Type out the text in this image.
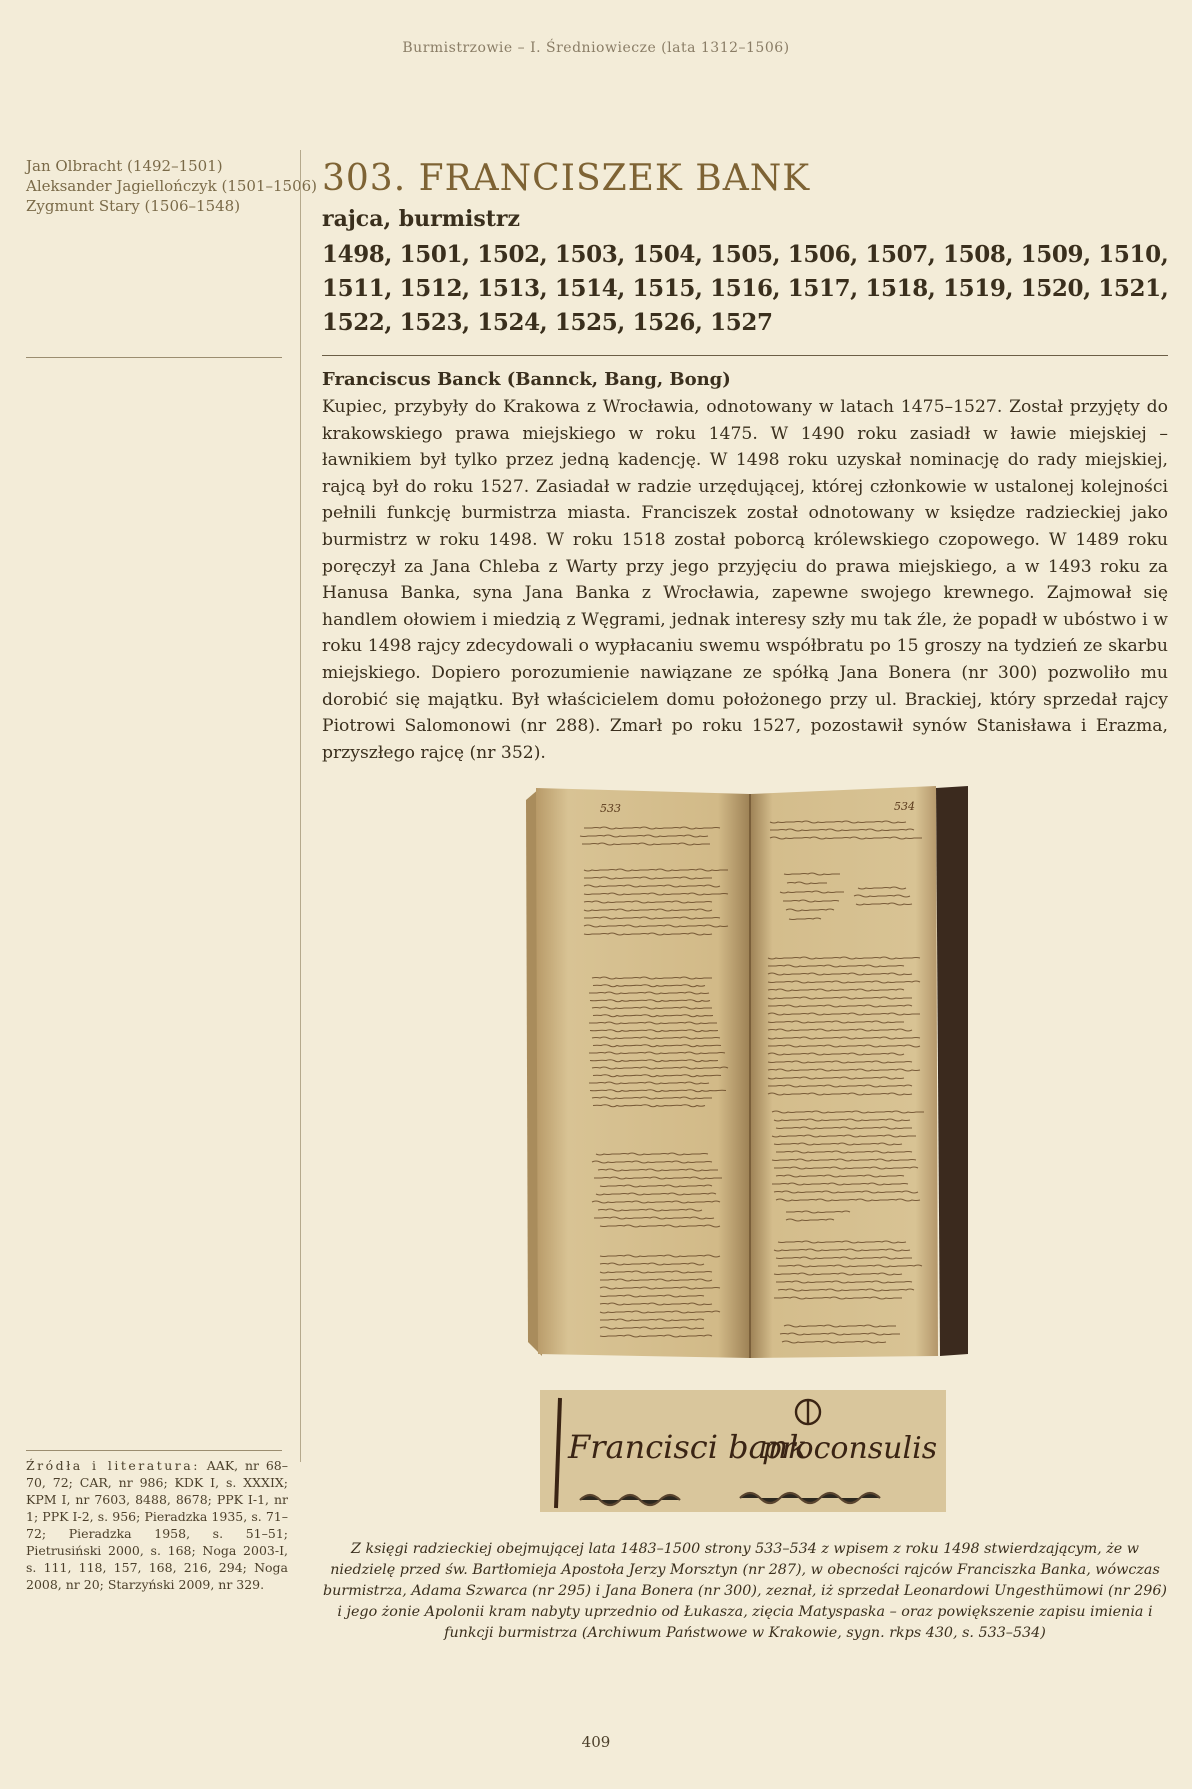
Burmistrzowie – I. Średniowiecze (lata 1312–1506)
Jan Olbracht (1492–1501)
Aleksander Jagiellończyk (1501–1506)
Zygmunt Stary (1506–1548)
303. FRANCISZEK BANK
rajca, burmistrz
1498, 1501, 1502, 1503, 1504, 1505, 1506, 1507, 1508, 1509, 1510, 1511, 1512, 1513, 1514, 1515, 1516, 1517, 1518, 1519, 1520, 1521, 1522, 1523, 1524, 1525, 1526, 1527
Franciscus Banck (Bannck, Bang, Bong)
Kupiec, przybyły do Krakowa z Wrocławia, odnotowany w latach 1475–1527. Został przyjęty do krakowskiego prawa miejskiego w roku 1475. W 1490 roku zasiadł w ławie miejskiej – ławnikiem był tylko przez jedną kadencję. W 1498 roku uzyskał nominację do rady miejskiej, rajcą był do roku 1527. Zasiadał w radzie urzędującej, której członkowie w ustalonej kolejności pełnili funkcję burmistrza miasta. Franciszek został odnotowany w księdze radzieckiej jako burmistrz w roku 1498. W roku 1518 został poborcą królewskiego czopowego. W 1489 roku poręczył za Jana Chleba z Warty przy jego przyjęciu do prawa miejskiego, a w 1493 roku za Hanusa Banka, syna Jana Banka z Wrocławia, zapewne swojego krewnego. Zajmował się handlem ołowiem i miedzią z Węgrami, jednak interesy szły mu tak źle, że popadł w ubóstwo i w roku 1498 rajcy zdecydowali o wypłacaniu swemu współbratu po 15 groszy na tydzień ze skarbu miejskiego. Dopiero porozumienie nawiązane ze spółką Jana Bonera (nr 300) pozwoliło mu dorobić się majątku. Był właścicielem domu położonego przy ul. Brackiej, który sprzedał rajcy Piotrowi Salomonowi (nr 288). Zmarł po roku 1527, pozostawił synów Stanisława i Erazma, przyszłego rajcę (nr 352).
533	534
Francisci bank
proconsulis
Z księgi radzieckiej obejmującej lata 1483–1500 strony 533–534 z wpisem z roku 1498 stwierdzającym, że w niedzielę przed św. Bartłomieja Apostoła Jerzy Morsztyn (nr 287), w obecności rajców Franciszka Banka, wówczas burmistrza, Adama Szwarca (nr 295) i Jana Bonera (nr 300), zeznał, iż sprzedał Leonardowi Ungesthümowi (nr 296) i jego żonie Apolonii kram nabyty uprzednio od Łukasza, zięcia Matyspaska – oraz powiększenie zapisu imienia i funkcji burmistrza (Archiwum Państwowe w Krakowie, sygn. rkps 430, s. 533–534)
Źródła i literatura: AAK, nr 68–70, 72; CAR, nr 986; KDK I, s. XXXIX; KPM I, nr 7603, 8488, 8678; PPK I-1, nr 1; PPK I-2, s. 956; Pieradzka 1935, s. 71–72; Pieradzka 1958, s. 51–51; Pietrusiński 2000, s. 168; Noga 2003-I, s. 111, 118, 157, 168, 216, 294; Noga 2008, nr 20; Starzyński 2009, nr 329.
409
